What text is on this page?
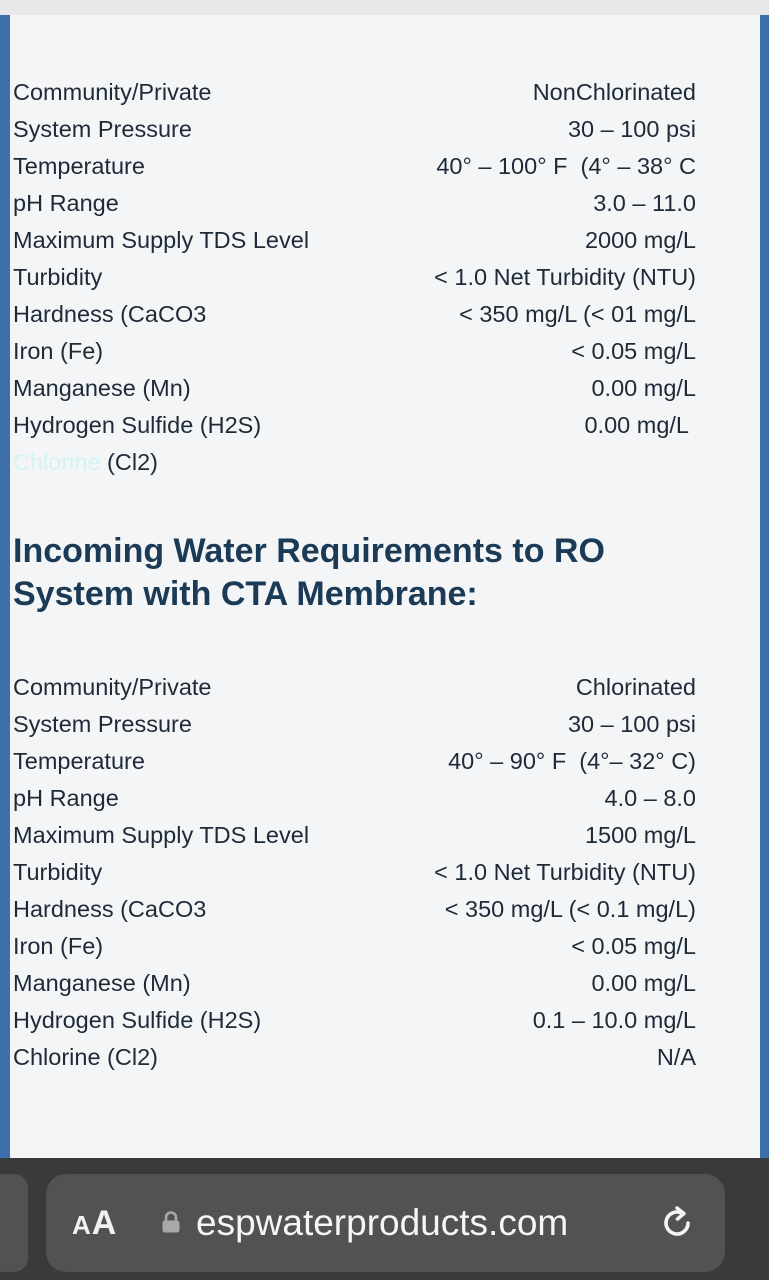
Community/Private	NonChlorinated
System Pressure	30 – 100 psi
Temperature	40° – 100° F  (4° – 38° C
pH Range	3.0 – 11.0
Maximum Supply TDS Level	2000 mg/L
Turbidity	< 1.0 Net Turbidity (NTU)
Hardness (CaCO3	< 350 mg/L (< 01 mg/L
Iron (Fe)	< 0.05 mg/L
Manganese (Mn)	0.00 mg/L
Hydrogen Sulfide (H2S)	0.00 mg/L
Chlorine (Cl2)
Incoming Water Requirements to RO System with CTA Membrane:
Community/Private	Chlorinated
System Pressure	30 – 100 psi
Temperature	40° – 90° F  (4°– 32° C)
pH Range	4.0 – 8.0
Maximum Supply TDS Level	1500 mg/L
Turbidity	< 1.0 Net Turbidity (NTU)
Hardness (CaCO3	< 350 mg/L (< 0.1 mg/L)
Iron (Fe)	< 0.05 mg/L
Manganese (Mn)	0.00 mg/L
Hydrogen Sulfide (H2S)	0.1 – 10.0 mg/L
Chlorine (Cl2)	N/A
AA espwaterproducts.com
